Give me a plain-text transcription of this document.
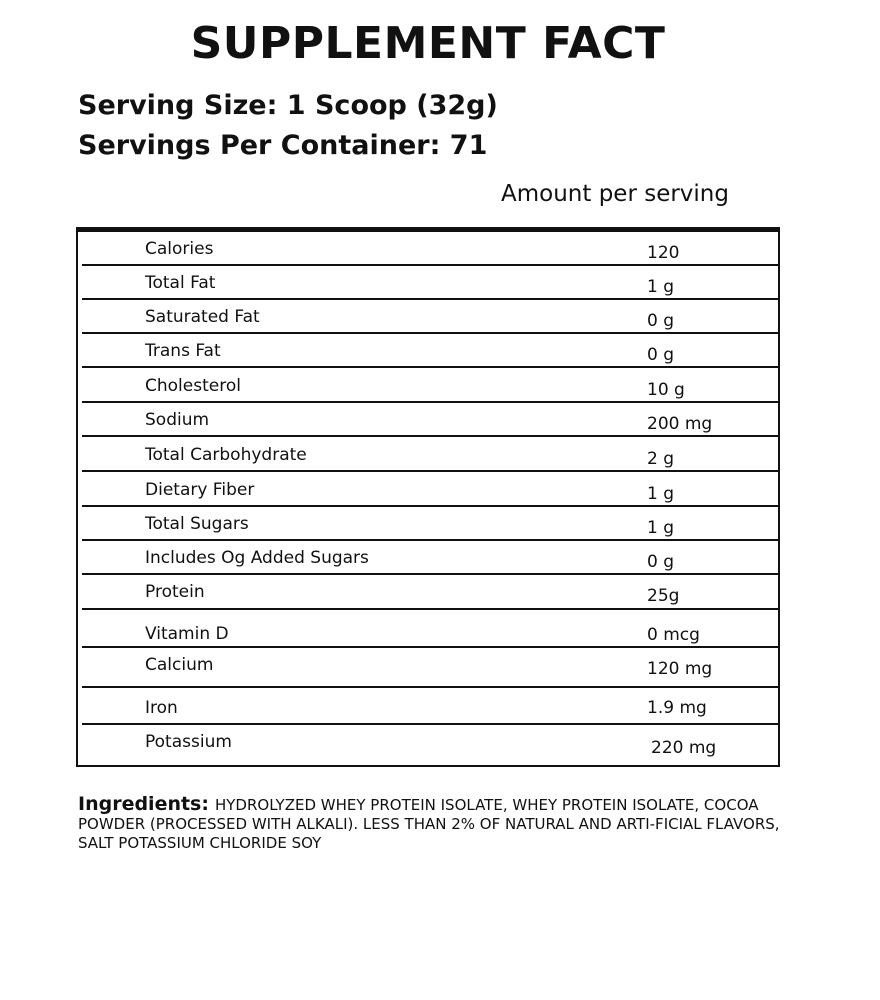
SUPPLEMENT FACT
Serving Size: 1 Scoop (32g)
Servings Per Container: 71
Amount per serving
Calories	120
Total Fat	1 g
Saturated Fat	0 g
Trans Fat	0 g
Cholesterol	10 g
Sodium	200 mg
Total Carbohydrate	2 g
Dietary Fiber	1 g
Total Sugars	1 g
Includes Og Added Sugars	0 g
Protein	25g
Vitamin D	0 mcg
Calcium	120 mg
Iron	1.9 mg
Potassium	220 mg
Ingredients: HYDROLYZED WHEY PROTEIN ISOLATE, WHEY PROTEIN ISOLATE, COCOA POWDER (PROCESSED WITH ALKALI). LESS THAN 2% OF NATURAL AND ARTI-FICIAL FLAVORS, SALT POTASSIUM CHLORIDE SOY
